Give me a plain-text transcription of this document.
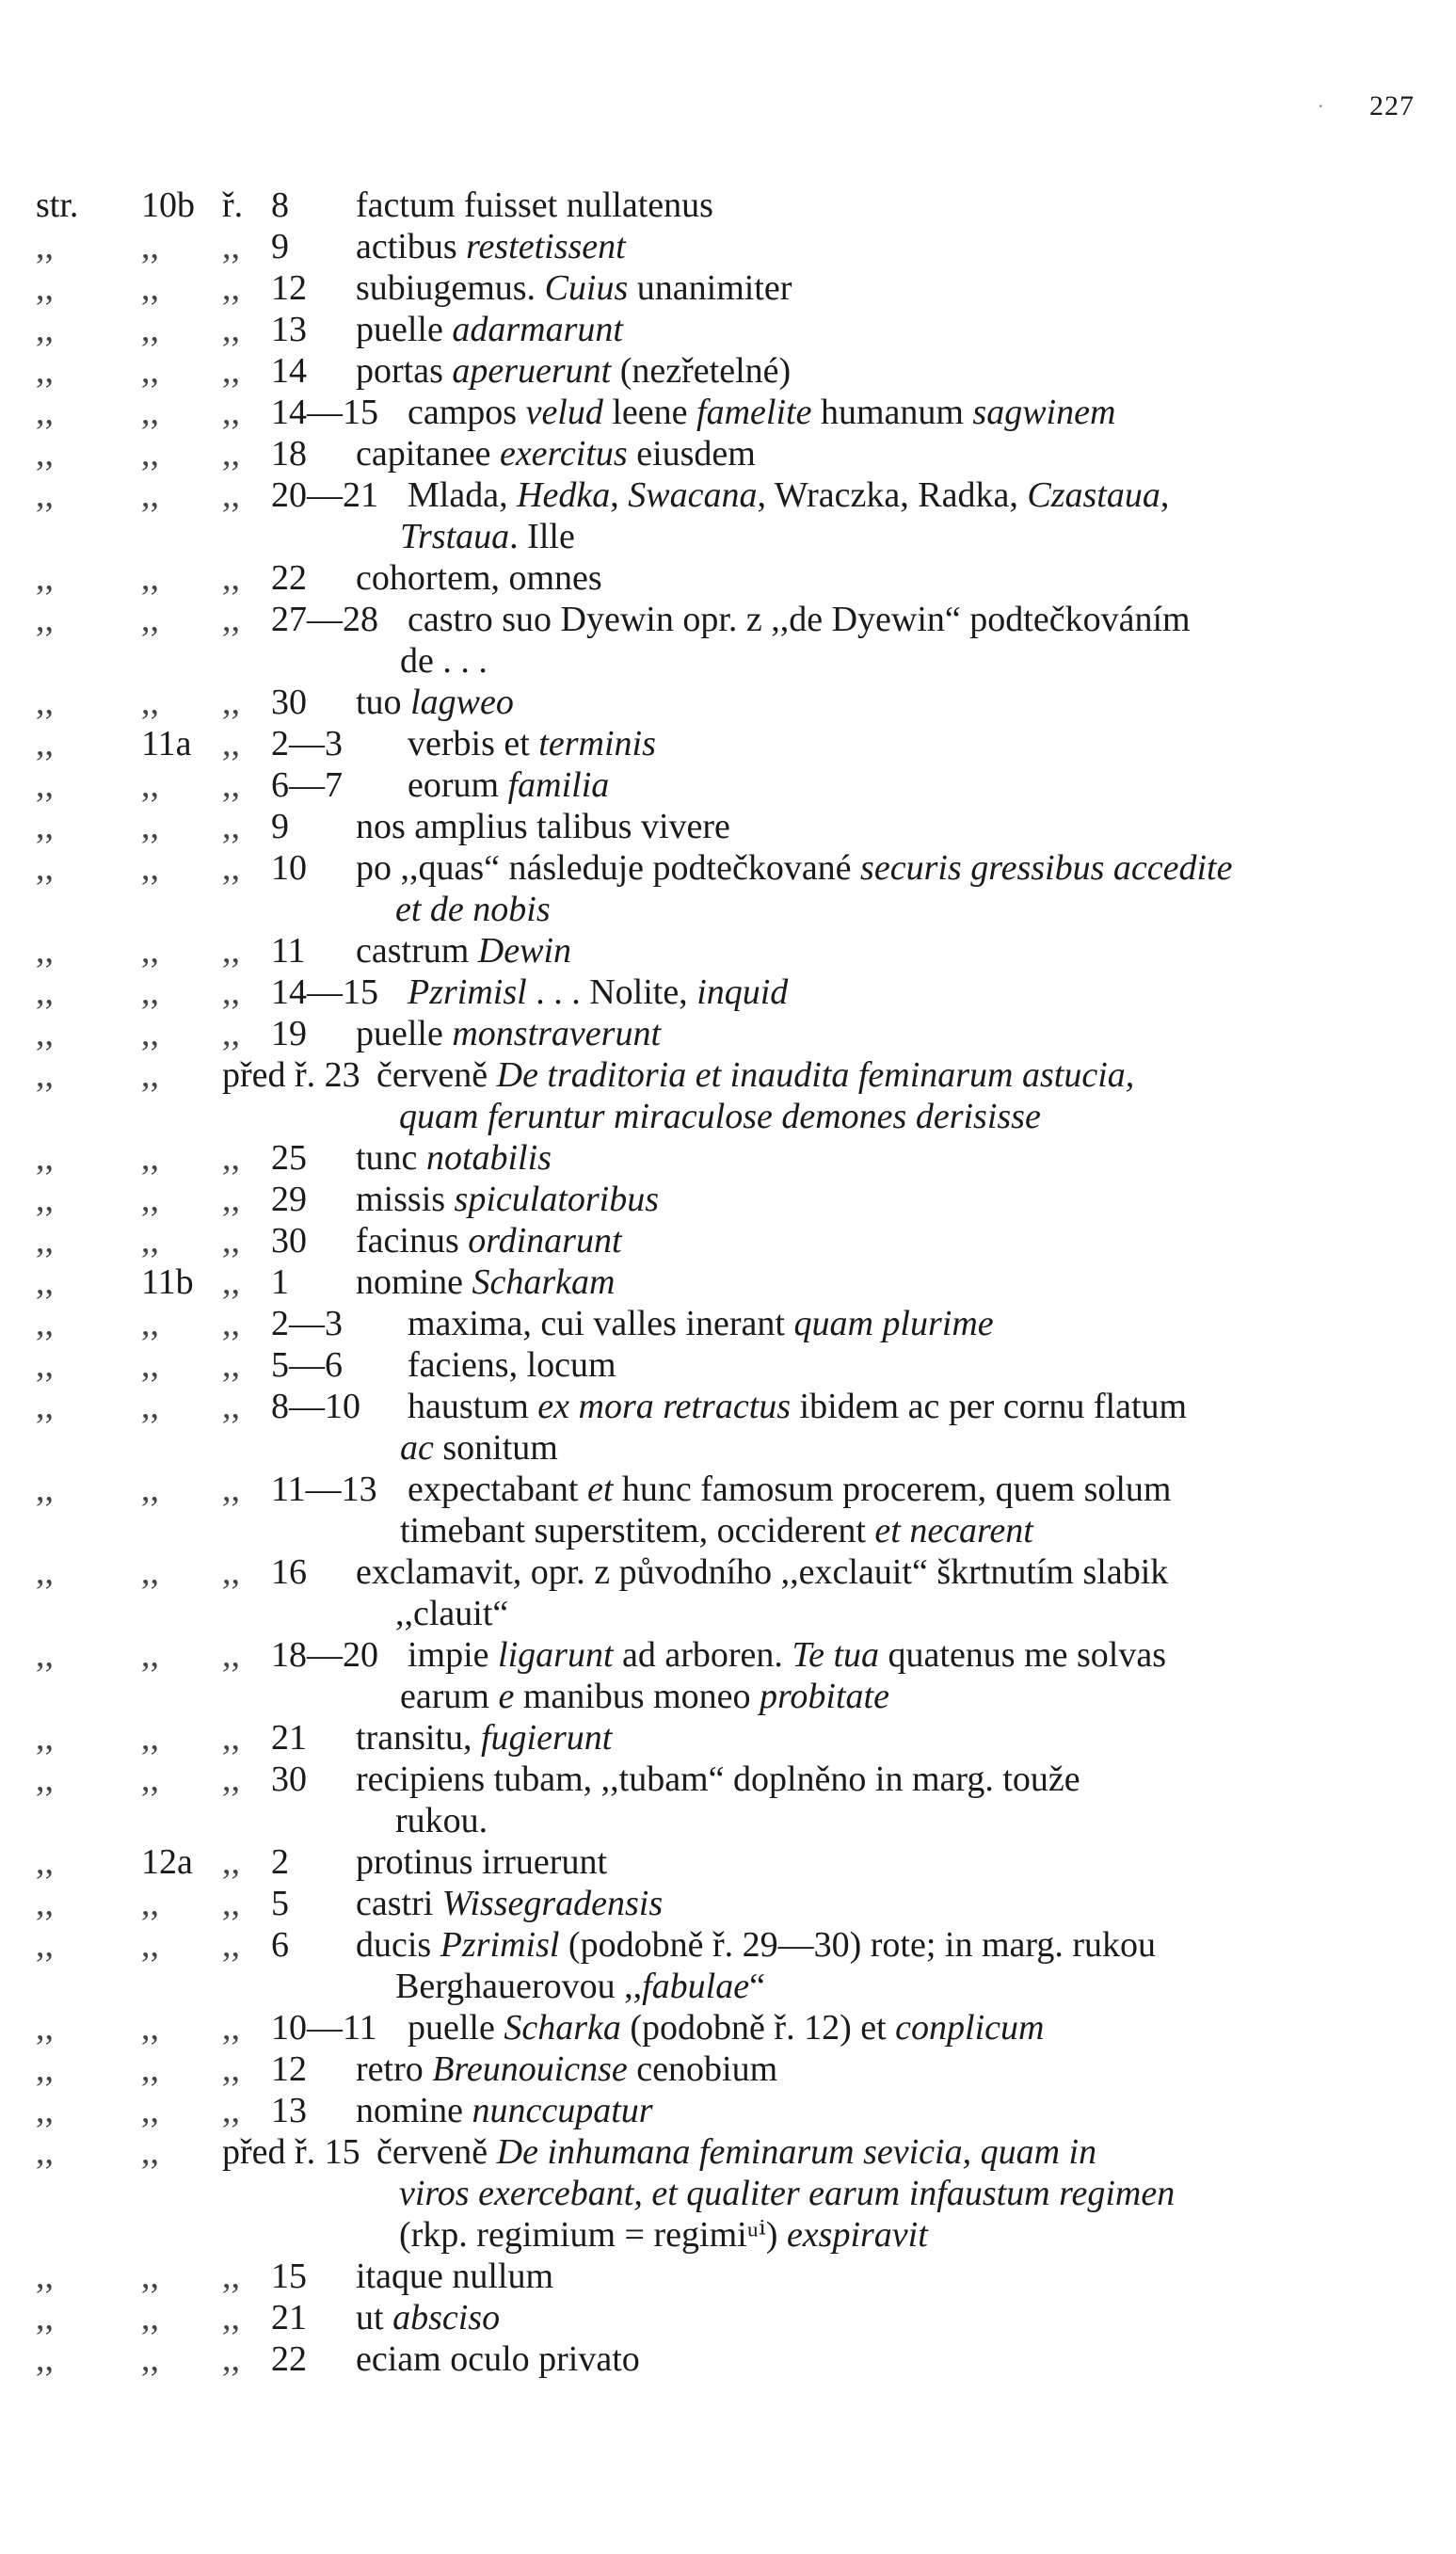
· 227
str. 10b ř. 8 factum fuisset nullatenus
,, ,, ,, 9 actibus restetissent
,, ,, ,, 12 subiugemus. Cuius unanimiter
,, ,, ,, 13 puelle adarmarunt
,, ,, ,, 14 portas aperuerunt (nezřetelné)
,, ,, ,, 14—15 campos velud leene famelite humanum sagwinem
,, ,, ,, 18 capitanee exercitus eiusdem
,, ,, ,, 20—21 Mlada, Hedka, Swacana, Wraczka, Radka, Czastaua,
Trstaua. Ille
,, ,, ,, 22 cohortem, omnes
,, ,, ,, 27—28 castro suo Dyewin opr. z ,,de Dyewin“ podtečkováním
de . . .
,, ,, ,, 30 tuo lagweo
,, 11a ,, 2—3 verbis et terminis
,, ,, ,, 6—7 eorum familia
,, ,, ,, 9 nos amplius talibus vivere
,, ,, ,, 10 po ,,quas“ následuje podtečkované securis gressibus accedite
et de nobis
,, ,, ,, 11 castrum Dewin
,, ,, ,, 14—15 Pzrimisl . . . Nolite, inquid
,, ,, ,, 19 puelle monstraverunt
,, ,, před ř. 23 červeně De traditoria et inaudita feminarum astucia,
quam feruntur miraculose demones derisisse
,, ,, ,, 25 tunc notabilis
,, ,, ,, 29 missis spiculatoribus
,, ,, ,, 30 facinus ordinarunt
,, 11b ,, 1 nomine Scharkam
,, ,, ,, 2—3 maxima, cui valles inerant quam plurime
,, ,, ,, 5—6 faciens, locum
,, ,, ,, 8—10 haustum ex mora retractus ibidem ac per cornu flatum
ac sonitum
,, ,, ,, 11—13 expectabant et hunc famosum procerem, quem solum
timebant superstitem, occiderent et necarent
,, ,, ,, 16 exclamavit, opr. z původního ,,exclauit“ škrtnutím slabik
,,clauit“
,, ,, ,, 18—20 impie ligarunt ad arboren. Te tua quatenus me solvas
earum e manibus moneo probitate
,, ,, ,, 21 transitu, fugierunt
,, ,, ,, 30 recipiens tubam, ,,tubam“ doplněno in marg. touže
rukou.
,, 12a ,, 2 protinus irruerunt
,, ,, ,, 5 castri Wissegradensis
,, ,, ,, 6 ducis Pzrimisl (podobně ř. 29—30) rote; in marg. rukou
Berghauerovou ,,fabulae“
,, ,, ,, 10—11 puelle Scharka (podobně ř. 12) et conplicum
,, ,, ,, 12 retro Breunouicnse cenobium
,, ,, ,, 13 nomine nunccupatur
,, ,, před ř. 15 červeně De inhumana feminarum sevicia, quam in
viros exercebant, et qualiter earum infaustum regimen
(rkp. regimium = regimiᵘⁱ) exspiravit
,, ,, ,, 15 itaque nullum
,, ,, ,, 21 ut absciso
,, ,, ,, 22 eciam oculo privato
